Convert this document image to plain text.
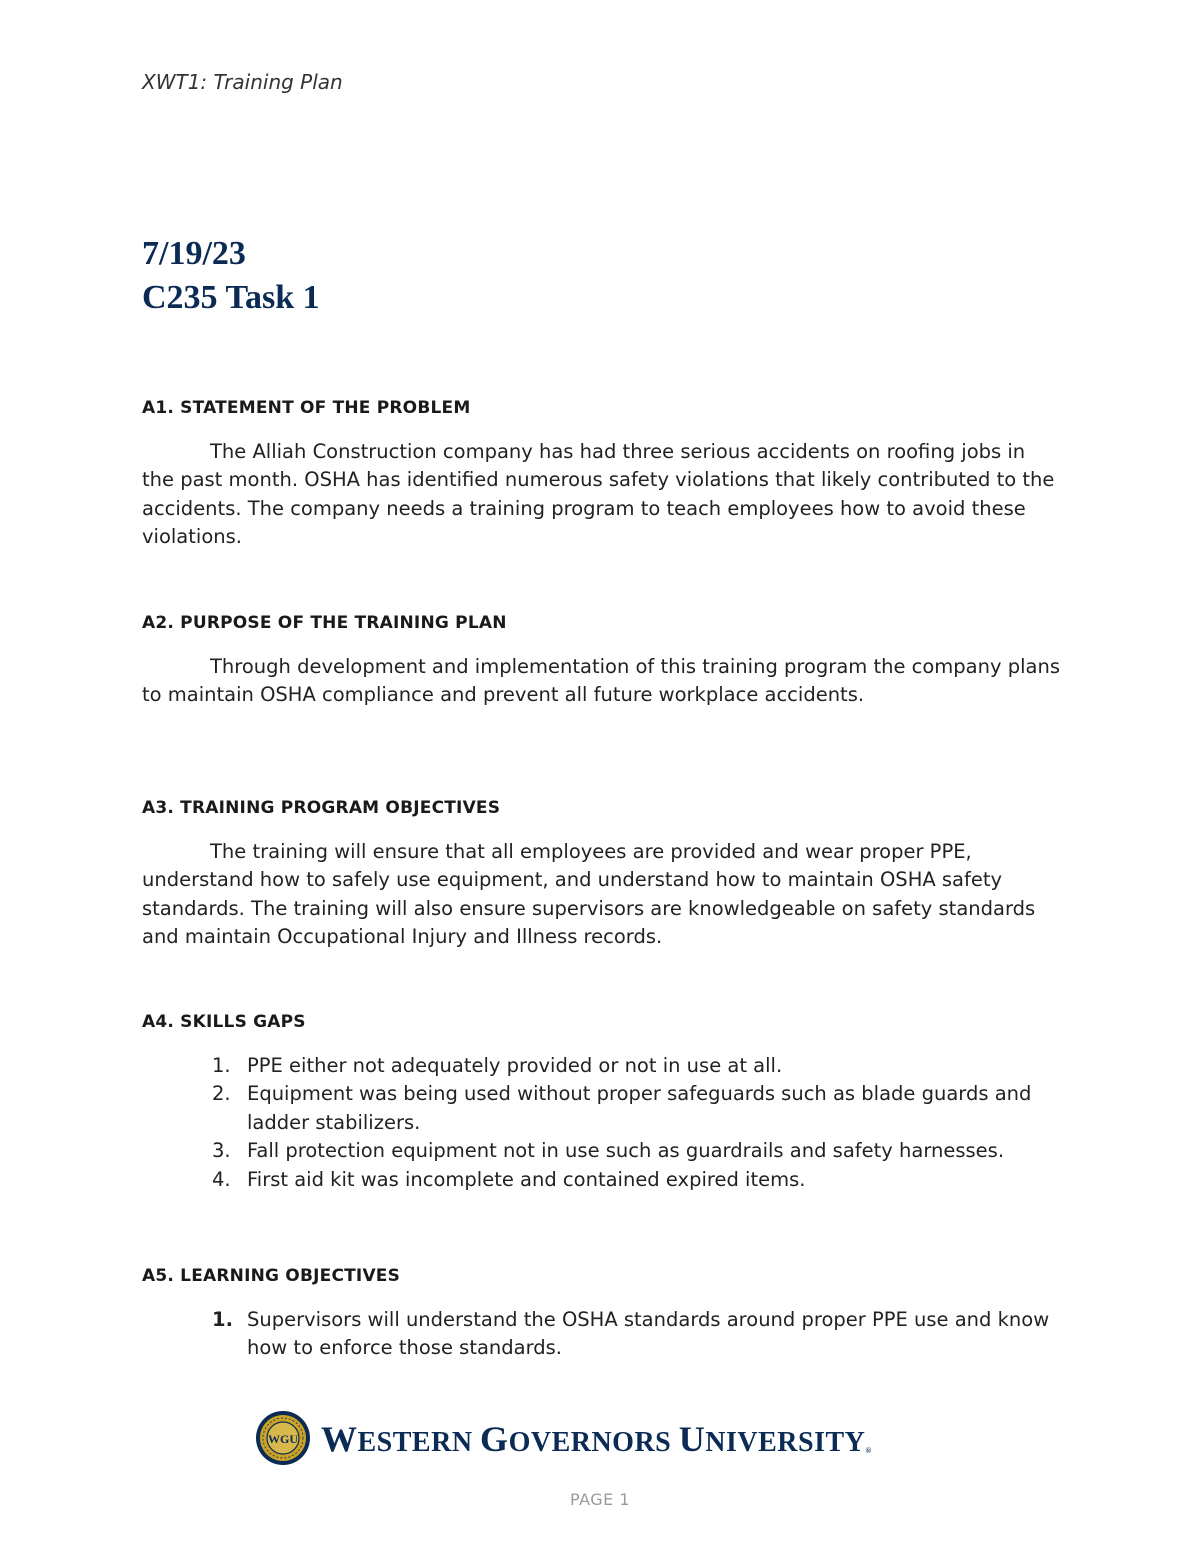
XWT1: Training Plan
7/19/23
C235 Task 1
A1. STATEMENT OF THE PROBLEM

The Alliah Construction company has had three serious accidents on roofing jobs in the past month. OSHA has identified numerous safety violations that likely contributed to the accidents. The company needs a training program to teach employees how to avoid these violations.

A2. PURPOSE OF THE TRAINING PLAN

Through development and implementation of this training program the company plans to maintain OSHA compliance and prevent all future workplace accidents.

A3. TRAINING PROGRAM OBJECTIVES

The training will ensure that all employees are provided and wear proper PPE, understand how to safely use equipment, and understand how to maintain OSHA safety standards. The training will also ensure supervisors are knowledgeable on safety standards and maintain Occupational Injury and Illness records.

A4. SKILLS GAPS
1. PPE either not adequately provided or not in use at all.
2. Equipment was being used without proper safeguards such as blade guards and ladder stabilizers.
3. Fall protection equipment not in use such as guardrails and safety harnesses.
4. First aid kit was incomplete and contained expired items.
A5. LEARNING OBJECTIVES
1. Supervisors will understand the OSHA standards around proper PPE use and know how to enforce those standards.
WGU WESTERN GOVERNORS UNIVERSITY®
PAGE 1
